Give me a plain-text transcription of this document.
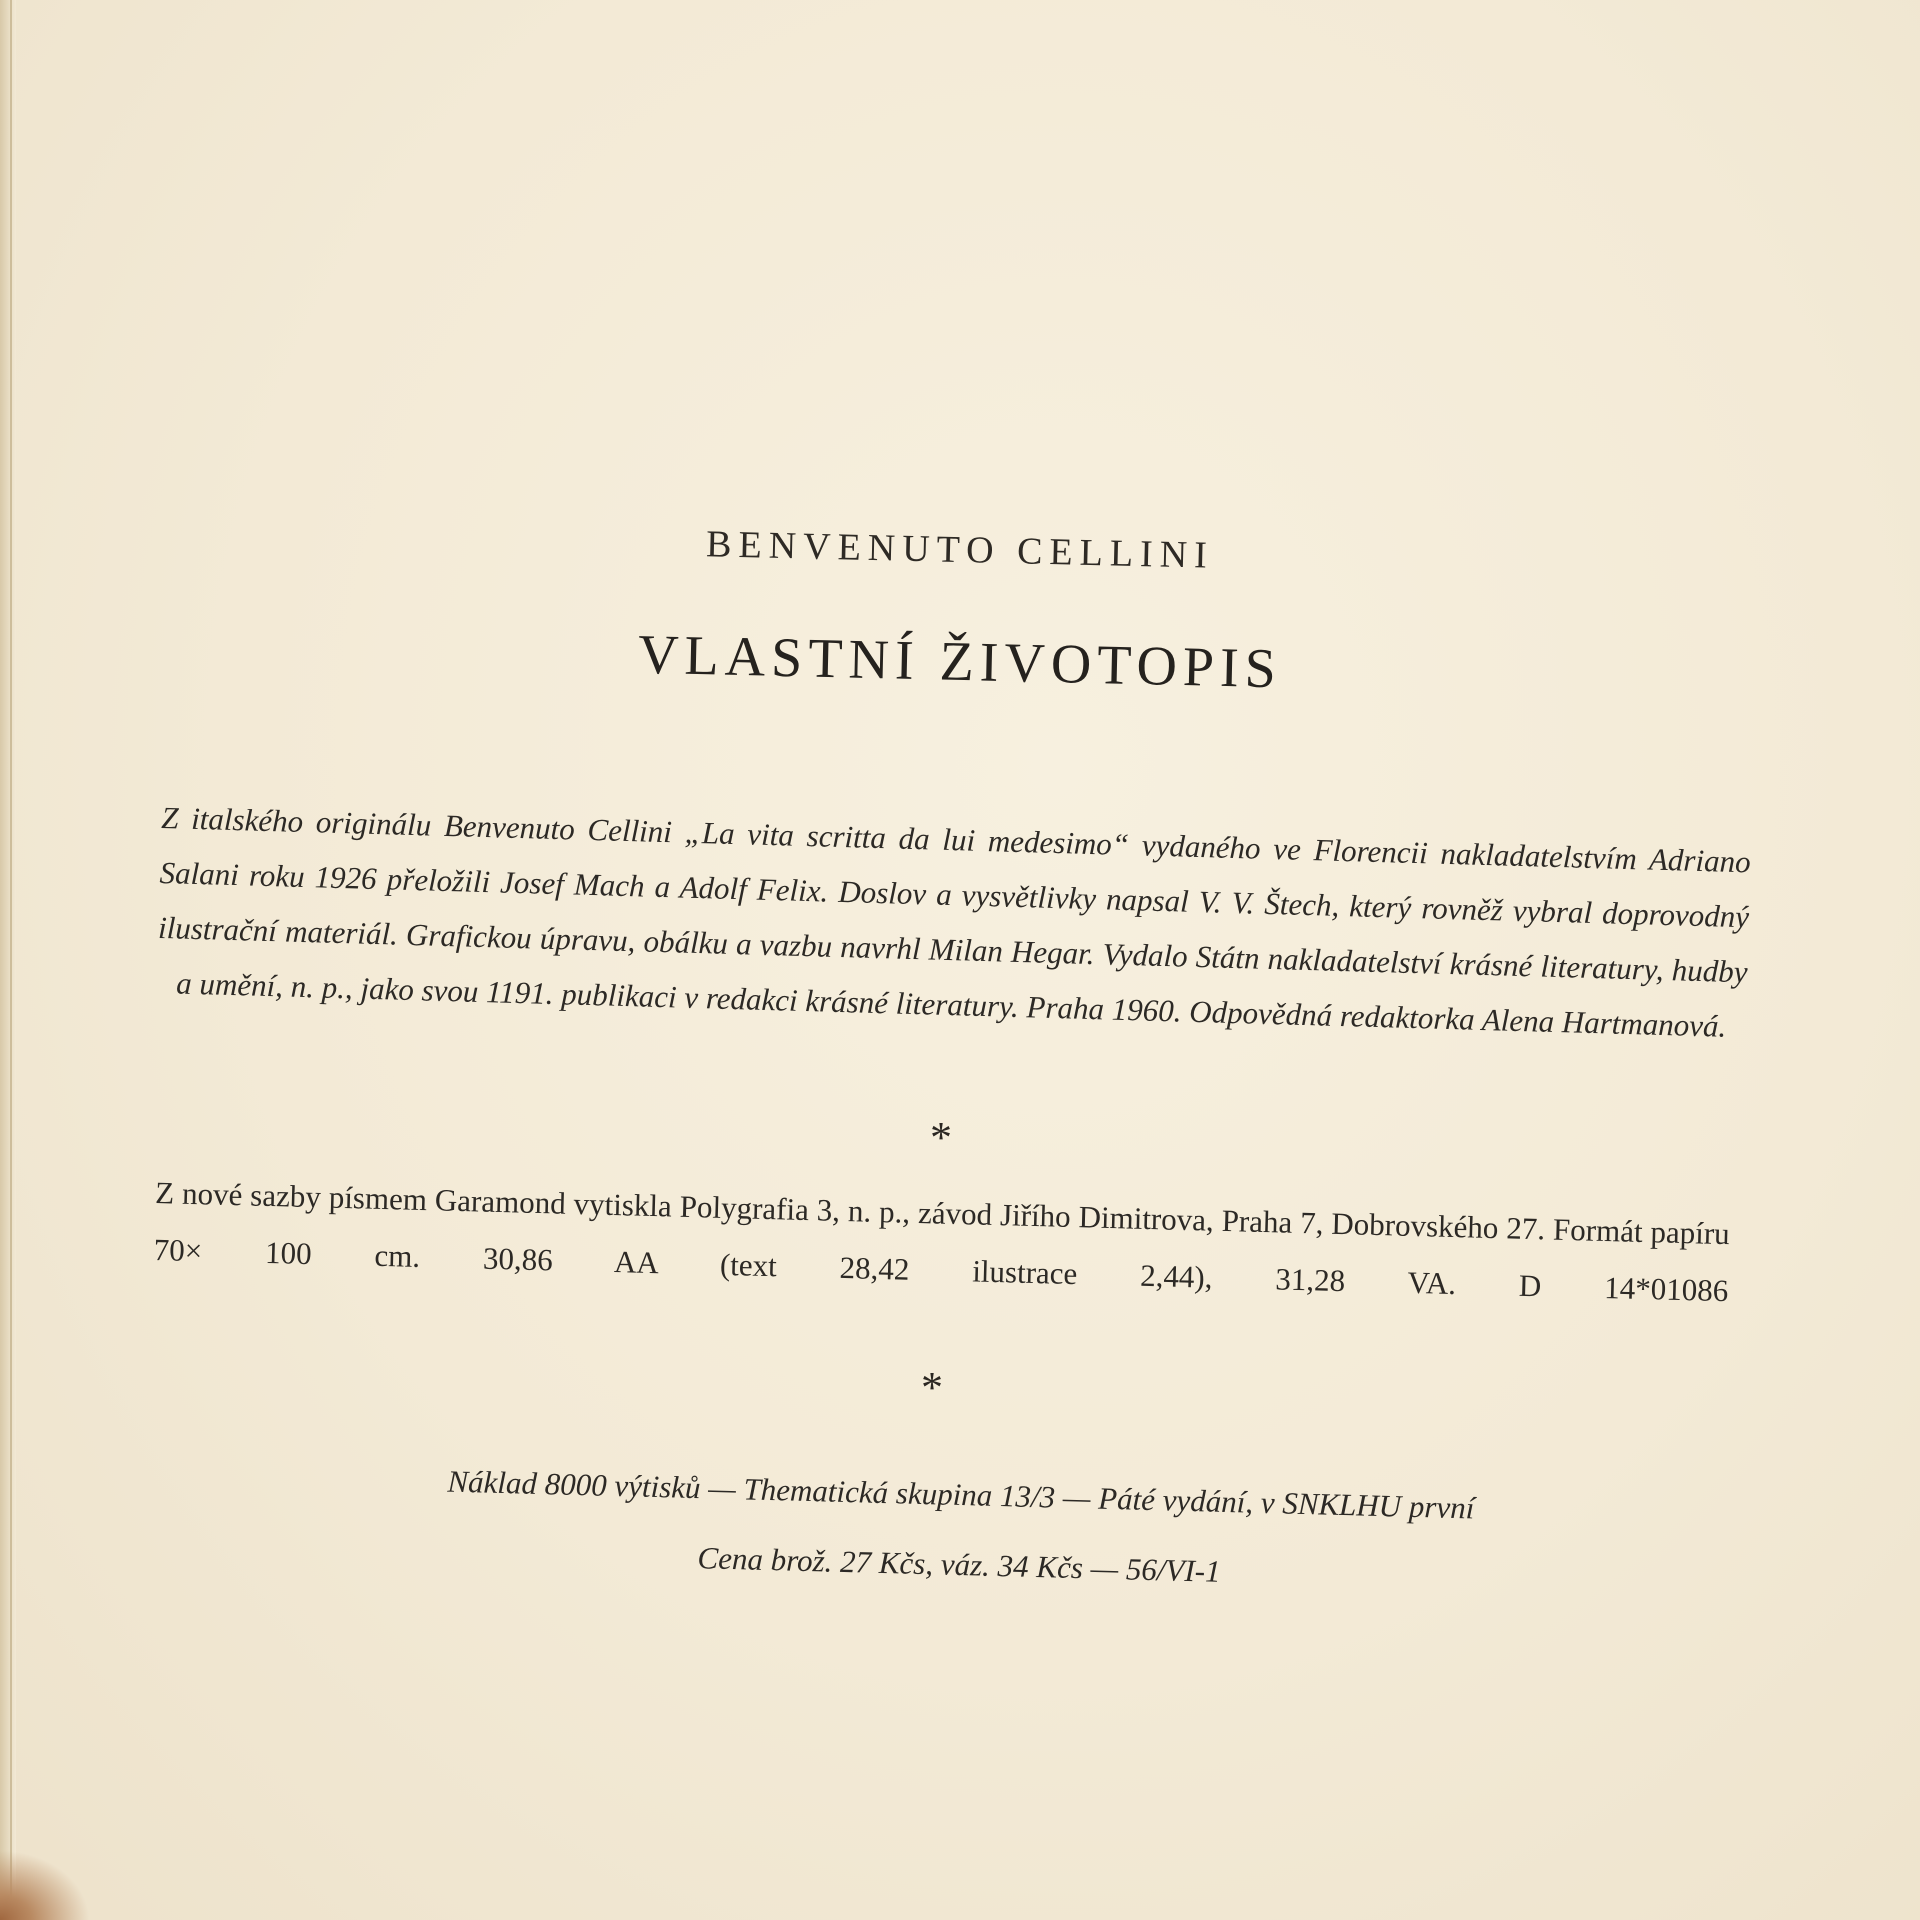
BENVENUTO CELLINI
VLASTNÍ ŽIVOTOPIS
Z italského originálu Benvenuto Cellini „La vita scritta da lui medesimo“ vydaného ve Florencii nakladatelstvím Adriano Salani roku 1926 přeložili Josef Mach a Adolf Felix. Doslov a vysvětlivky napsal V. V. Štech, který rovněž vybral doprovodný ilustrační materiál. Grafickou úpravu, obálku a vazbu navrhl Milan Hegar. Vydalo Státn nakladatelství krásné literatury, hudby a umění, n. p., jako svou 1191. publikaci v redakci krásné literatury. Praha 1960. Odpovědná redaktorka Alena Hartmanová.
*
Z nové sazby písmem Garamond vytiskla Polygrafia 3, n. p., závod Jiřího Dimitrova, Praha 7, Dobrovského 27. Formát papíru 70× 100 cm. 30,86 AA (text 28,42 ilustrace 2,44), 31,28 VA. D 14*01086
*
Náklad 8000 výtisků — Thematická skupina 13/3 — Páté vydání, v SNKLHU první
Cena brož. 27 Kčs, váz. 34 Kčs — 56/VI-1
